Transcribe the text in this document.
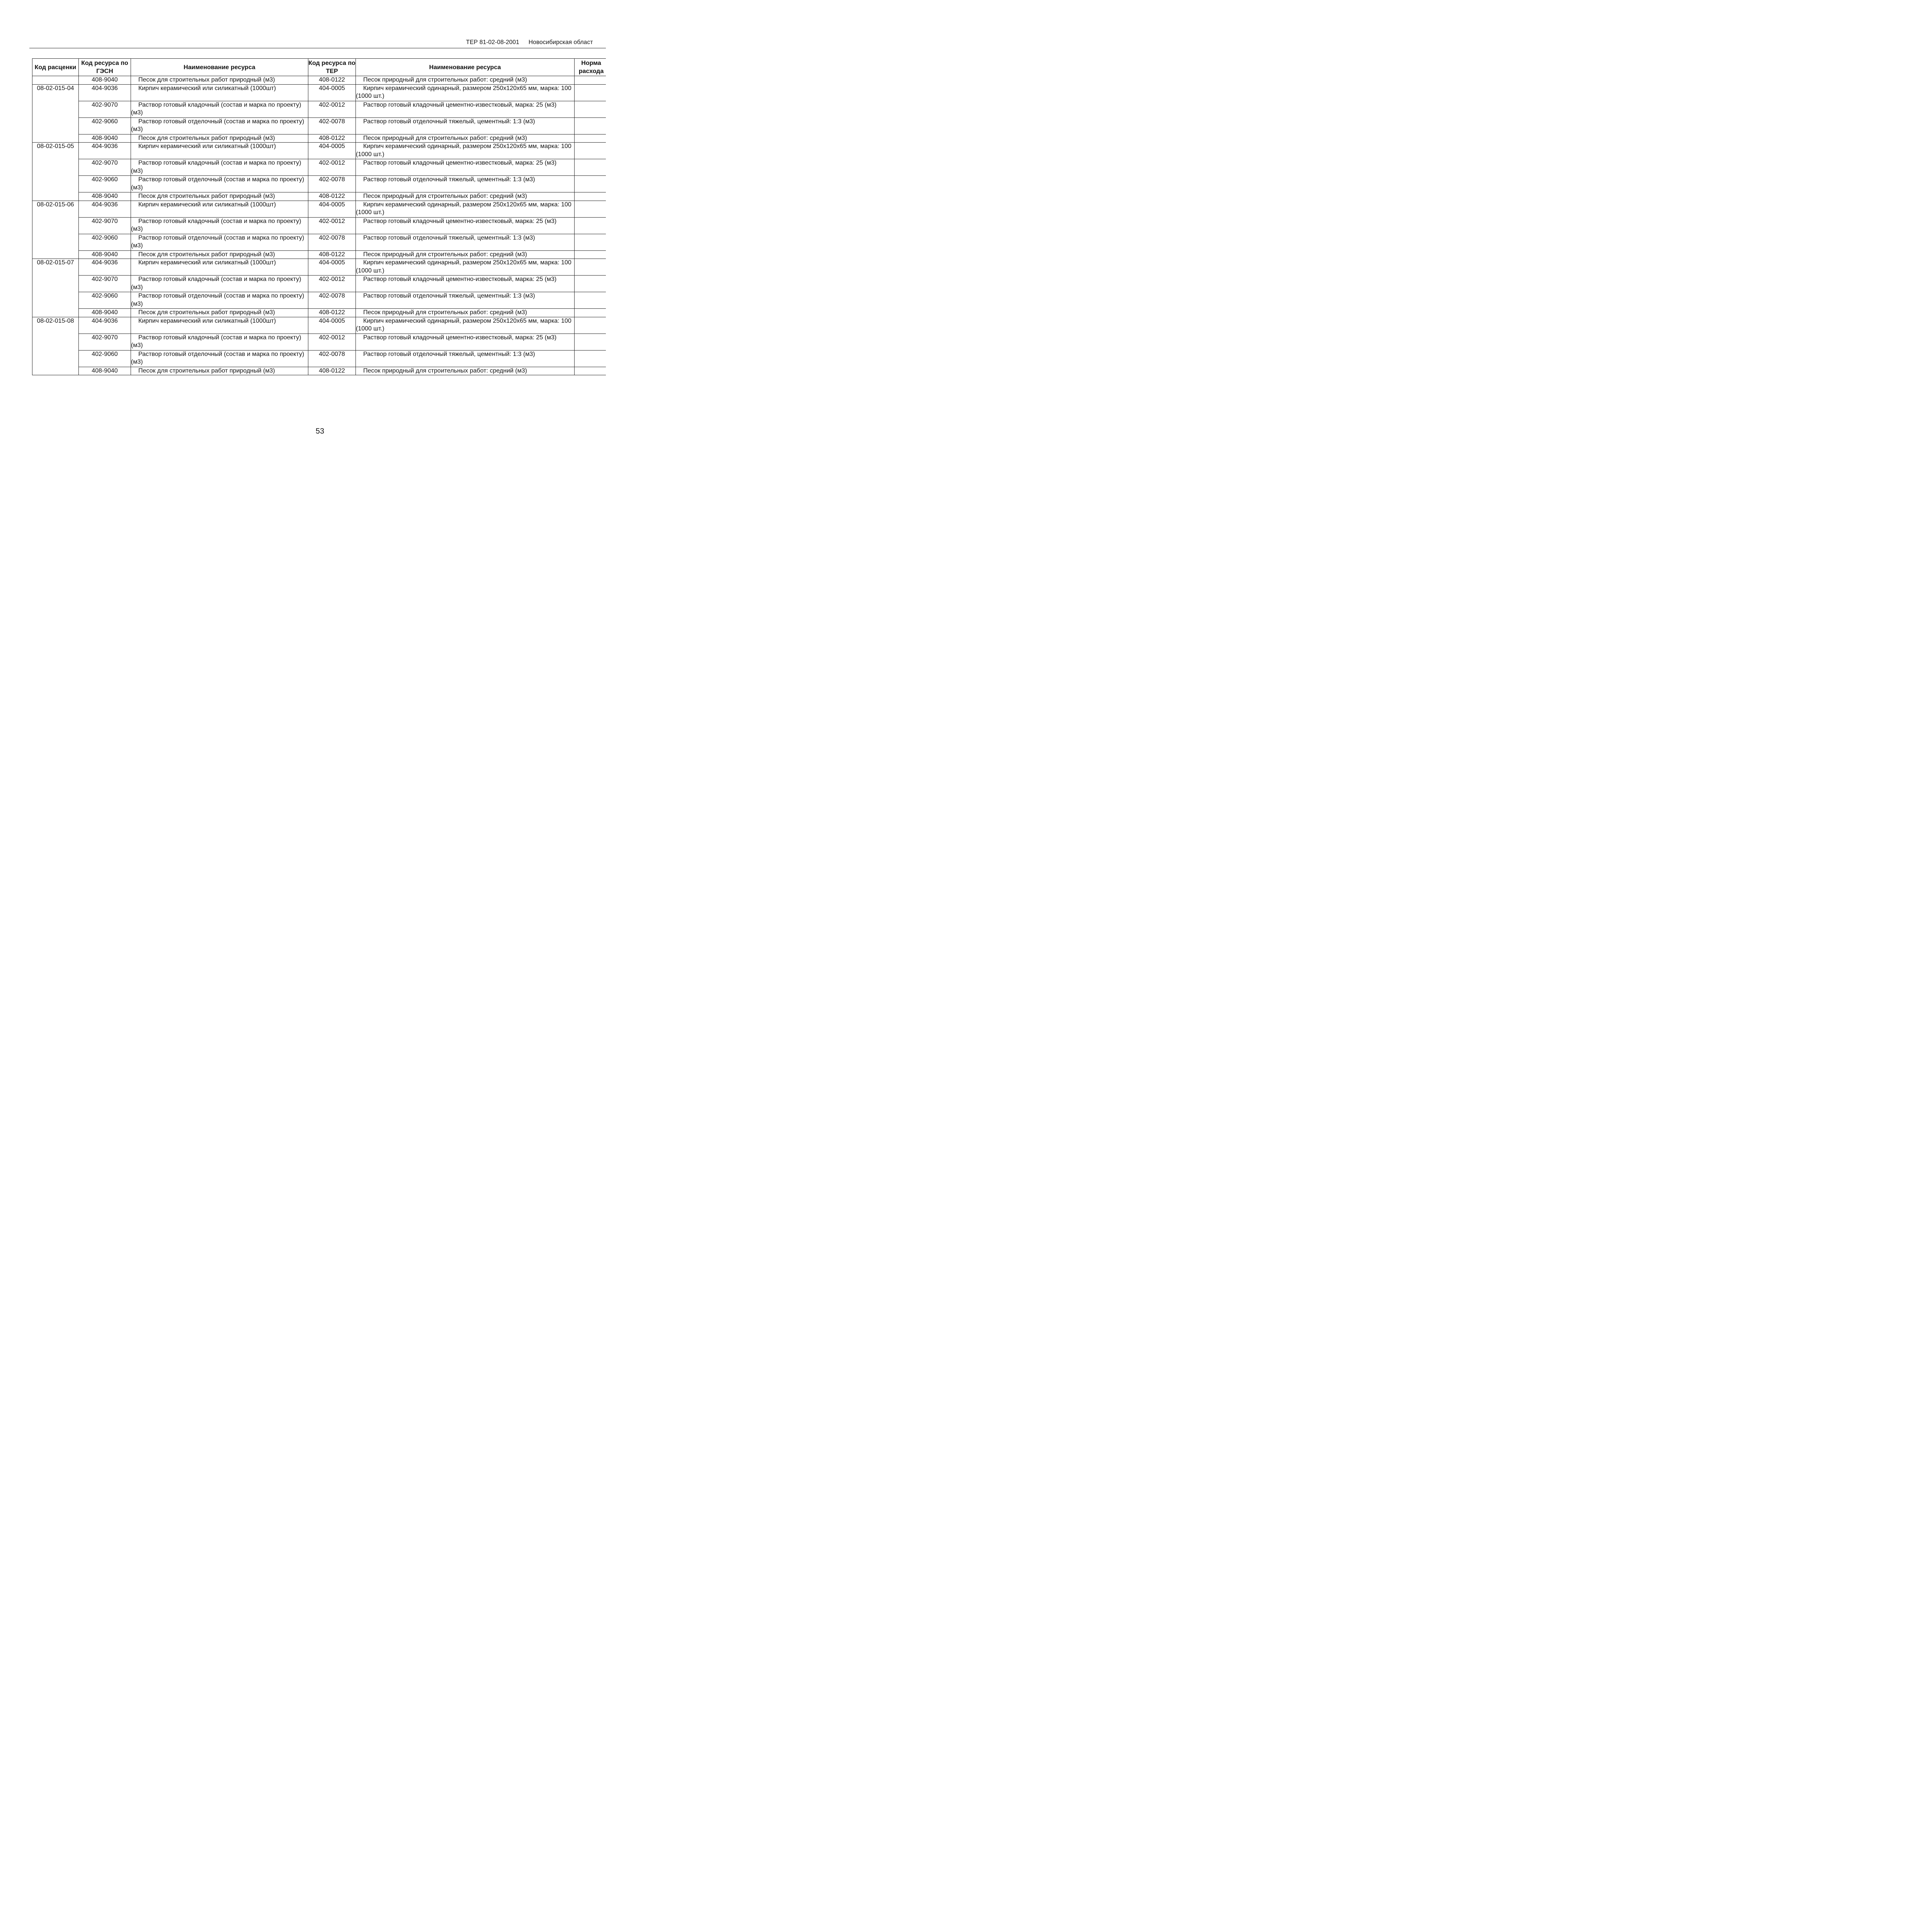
ТЕР 81-02-08-2001 Новосибирская област
Код расценки	Код ресурса по ГЭСН	Наименование ресурса	Код ресурса по ТЕР	Наименование ресурса	Норма расхода
	408-9040	Песок для строительных работ природный (м3)	408-0122	Песок природный для строительных работ: средний (м3)	
08-02-015-04	404-9036	Кирпич керамический или силикатный (1000шт)	404-0005	Кирпич керамический одинарный, размером 250х120х65 мм, марка: 100 (1000 шт.)	
	402-9070	Раствор готовый кладочный (состав и марка по проекту) (м3)	402-0012	Раствор готовый кладочный цементно-известковый, марка: 25 (м3)	
	402-9060	Раствор готовый отделочный (состав и марка по проекту) (м3)	402-0078	Раствор готовый отделочный тяжелый, цементный: 1:3 (м3)	
	408-9040	Песок для строительных работ природный (м3)	408-0122	Песок природный для строительных работ: средний (м3)	
08-02-015-05	404-9036	Кирпич керамический или силикатный (1000шт)	404-0005	Кирпич керамический одинарный, размером 250х120х65 мм, марка: 100 (1000 шт.)	
	402-9070	Раствор готовый кладочный (состав и марка по проекту) (м3)	402-0012	Раствор готовый кладочный цементно-известковый, марка: 25 (м3)	
	402-9060	Раствор готовый отделочный (состав и марка по проекту) (м3)	402-0078	Раствор готовый отделочный тяжелый, цементный: 1:3 (м3)	
	408-9040	Песок для строительных работ природный (м3)	408-0122	Песок природный для строительных работ: средний (м3)	
08-02-015-06	404-9036	Кирпич керамический или силикатный (1000шт)	404-0005	Кирпич керамический одинарный, размером 250х120х65 мм, марка: 100 (1000 шт.)	
	402-9070	Раствор готовый кладочный (состав и марка по проекту) (м3)	402-0012	Раствор готовый кладочный цементно-известковый, марка: 25 (м3)	
	402-9060	Раствор готовый отделочный (состав и марка по проекту) (м3)	402-0078	Раствор готовый отделочный тяжелый, цементный: 1:3 (м3)	
	408-9040	Песок для строительных работ природный (м3)	408-0122	Песок природный для строительных работ: средний (м3)	
08-02-015-07	404-9036	Кирпич керамический или силикатный (1000шт)	404-0005	Кирпич керамический одинарный, размером 250х120х65 мм, марка: 100 (1000 шт.)	
	402-9070	Раствор готовый кладочный (состав и марка по проекту) (м3)	402-0012	Раствор готовый кладочный цементно-известковый, марка: 25 (м3)	
	402-9060	Раствор готовый отделочный (состав и марка по проекту) (м3)	402-0078	Раствор готовый отделочный тяжелый, цементный: 1:3 (м3)	
	408-9040	Песок для строительных работ природный (м3)	408-0122	Песок природный для строительных работ: средний (м3)	
08-02-015-08	404-9036	Кирпич керамический или силикатный (1000шт)	404-0005	Кирпич керамический одинарный, размером 250х120х65 мм, марка: 100 (1000 шт.)	
	402-9070	Раствор готовый кладочный (состав и марка по проекту) (м3)	402-0012	Раствор готовый кладочный цементно-известковый, марка: 25 (м3)	
	402-9060	Раствор готовый отделочный (состав и марка по проекту) (м3)	402-0078	Раствор готовый отделочный тяжелый, цементный: 1:3 (м3)	
	408-9040	Песок для строительных работ природный (м3)	408-0122	Песок природный для строительных работ: средний (м3)	
53
